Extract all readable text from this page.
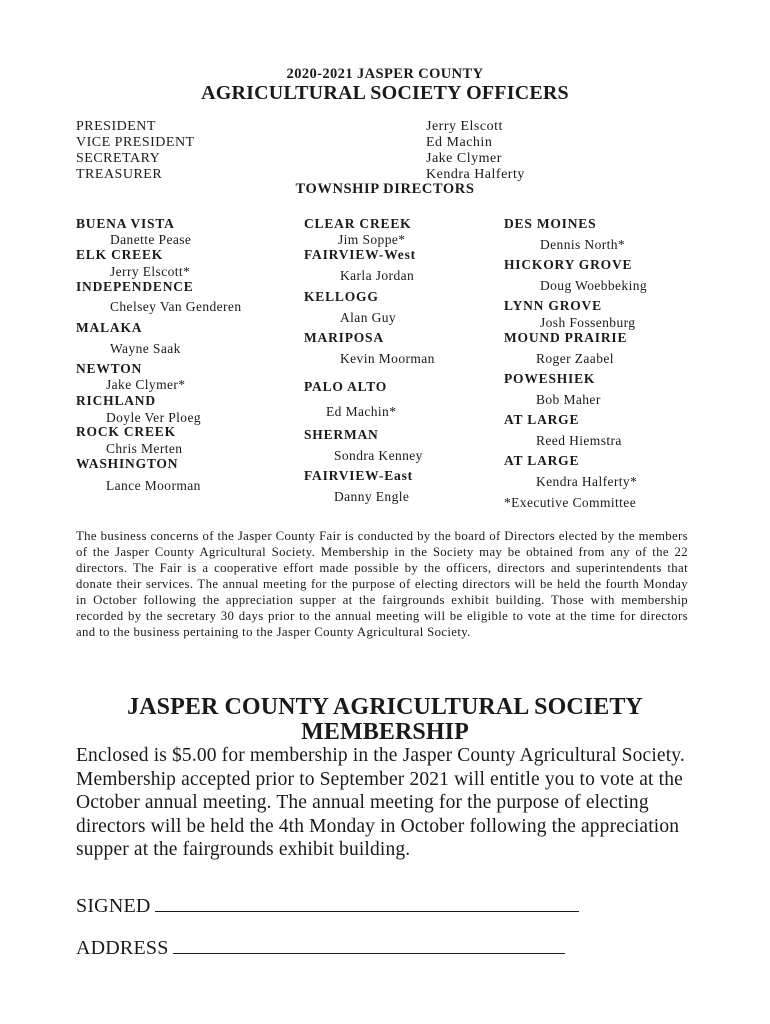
2020-2021 JASPER COUNTY
AGRICULTURAL SOCIETY OFFICERS
PRESIDENT	Jerry Elscott
VICE PRESIDENT	Ed Machin
SECRETARY	Jake Clymer
TREASURER	Kendra Halferty
TOWNSHIP DIRECTORS
BUENA VISTA
Danette Pease
ELK CREEK
Jerry Elscott*
INDEPENDENCE
Chelsey Van Genderen
MALAKA
Wayne Saak
NEWTON
Jake Clymer*
RICHLAND
Doyle Ver Ploeg
ROCK CREEK
Chris Merten
WASHINGTON
Lance Moorman
CLEAR CREEK
Jim Soppe*
FAIRVIEW-West
Karla Jordan
KELLOGG
Alan Guy
MARIPOSA
Kevin Moorman
PALO ALTO
Ed Machin*
SHERMAN
Sondra Kenney
FAIRVIEW-East
Danny Engle
DES MOINES
Dennis North*
HICKORY GROVE
Doug Woebbeking
LYNN GROVE
Josh Fossenburg
MOUND PRAIRIE
Roger Zaabel
POWESHIEK
Bob Maher
AT LARGE
Reed Hiemstra
AT LARGE
Kendra Halferty*
*Executive Committee
The business concerns of the Jasper County Fair is conducted by the board of Directors elected by the members of the Jasper County Agricultural Society. Membership in the Society may be obtained from any of the 22 directors. The Fair is a cooperative effort made possible by the officers, directors and superintendents that donate their services. The annual meeting for the purpose of electing directors will be held the fourth Monday in October following the appreciation supper at the fairgrounds exhibit building. Those with membership recorded by the secretary 30 days prior to the annual meeting will be eligible to vote at the time for directors and to the business pertaining to the Jasper County Agricultural Society.
JASPER COUNTY AGRICULTURAL SOCIETY
MEMBERSHIP
Enclosed is $5.00 for membership in the Jasper County Agricultural Society. Membership accepted prior to September 2021 will entitle you to vote at the October annual meeting. The annual meeting for the purpose of electing directors will be held the 4th Monday in October following the appreciation supper at the fairgrounds exhibit building.
SIGNED
ADDRESS
